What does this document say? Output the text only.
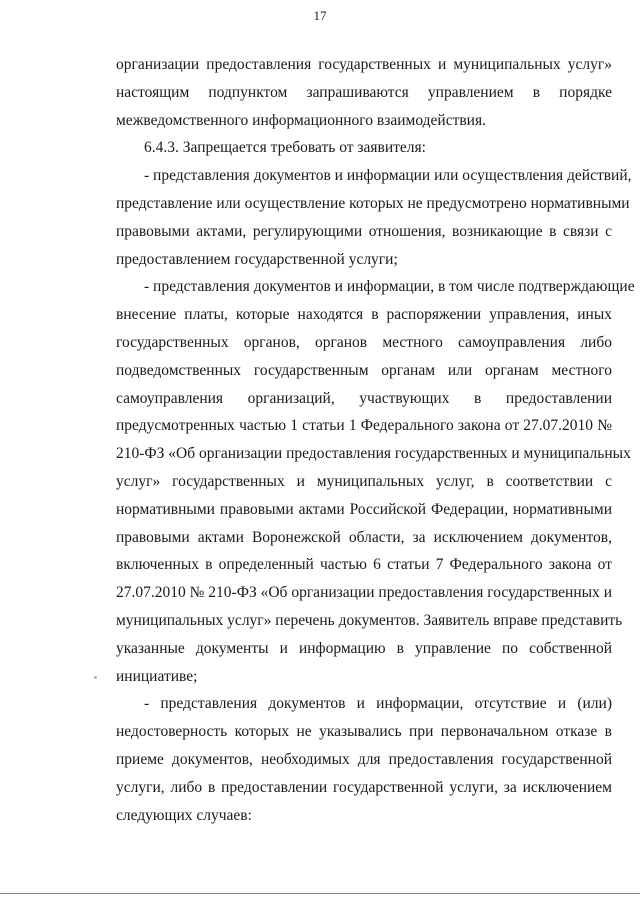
17
организации предоставления государственных и муниципальных услуг»
настоящим подпунктом запрашиваются управлением в порядке
межведомственного информационного взаимодействия.
6.4.3. Запрещается требовать от заявителя:
- представления документов и информации или осуществления действий,
представление или осуществление которых не предусмотрено нормативными
правовыми актами, регулирующими отношения, возникающие в связи с
предоставлением государственной услуги;
- представления документов и информации, в том числе подтверждающие
внесение платы, которые находятся в распоряжении управления, иных
государственных органов, органов местного самоуправления либо
подведомственных государственным органам или органам местного
самоуправления организаций, участвующих в предоставлении
предусмотренных частью 1 статьи 1 Федерального закона от 27.07.2010 №
210-ФЗ «Об организации предоставления государственных и муниципальных
услуг» государственных и муниципальных услуг, в соответствии с
нормативными правовыми актами Российской Федерации, нормативными
правовыми актами Воронежской области, за исключением документов,
включенных в определенный частью 6 статьи 7 Федерального закона от
27.07.2010 № 210-ФЗ «Об организации предоставления государственных и
муниципальных услуг» перечень документов. Заявитель вправе представить
указанные документы и информацию в управление по собственной
инициативе;
- представления документов и информации, отсутствие и (или)
недостоверность которых не указывались при первоначальном отказе в
приеме документов, необходимых для предоставления государственной
услуги, либо в предоставлении государственной услуги, за исключением
следующих случаев:
